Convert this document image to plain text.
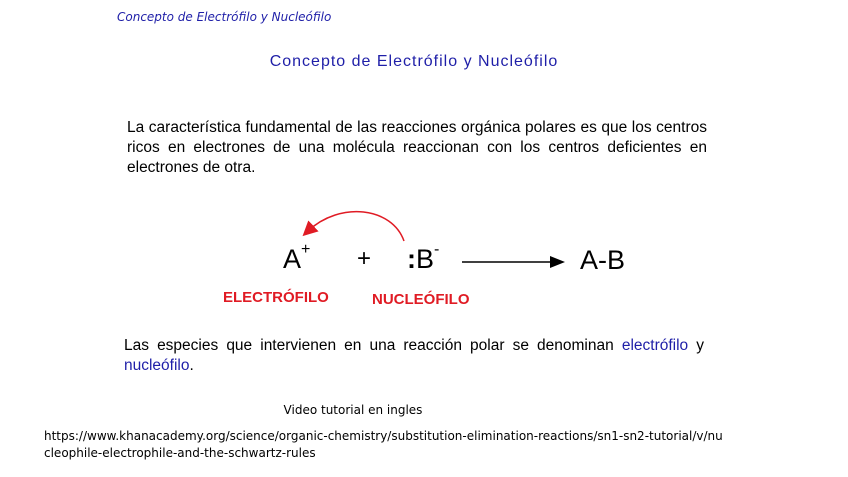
Concepto de Electrófilo y Nucleófilo
Concepto de Electrófilo y Nucleófilo

La característica fundamental de las reacciones orgánica polares es que los centros ricos en electrones de una molécula reaccionan con los centros deficientes en electrones de otra.

A+ + :B-	A-B
ELECTRÓFILO	NUCLEÓFILO

Las especies que intervienen en una reacción polar se denominan electrófilo y nucleófilo.

Video tutorial en ingles
https://www.khanacademy.org/science/organic-chemistry/substitution-elimination-reactions/sn1-sn2-tutorial/v/nucleophile-electrophile-and-the-schwartz-rules
